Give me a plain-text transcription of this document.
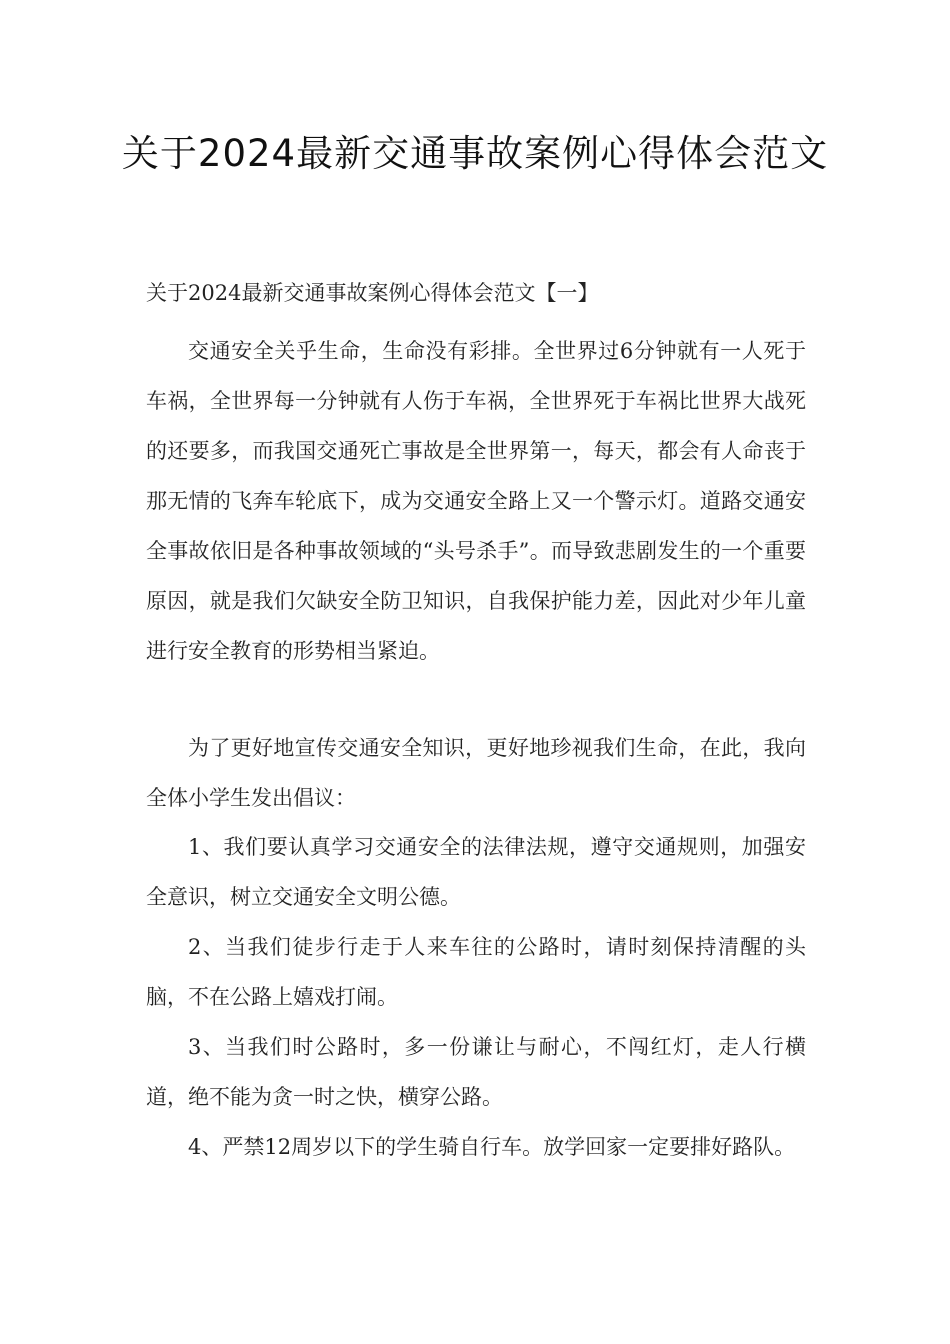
关于2024最新交通事故案例心得体会范文
关于2024最新交通事故案例心得体会范文【一】
交通安全关乎生命，生命没有彩排。全世界过6分钟就有一人死于车祸，全世界每一分钟就有人伤于车祸，全世界死于车祸比世界大战死的还要多，而我国交通死亡事故是全世界第一，每天，都会有人命丧于那无情的飞奔车轮底下，成为交通安全路上又一个警示灯。道路交通安全事故依旧是各种事故领域的“头号杀手”。而导致悲剧发生的一个重要原因，就是我们欠缺安全防卫知识，自我保护能力差，因此对少年儿童进行安全教育的形势相当紧迫。
为了更好地宣传交通安全知识，更好地珍视我们生命，在此，我向全体小学生发出倡议：
1、我们要认真学习交通安全的法律法规，遵守交通规则，加强安全意识，树立交通安全文明公德。
2、当我们徒步行走于人来车往的公路时，请时刻保持清醒的头脑，不在公路上嬉戏打闹。
3、当我们时公路时，多一份谦让与耐心，不闯红灯，走人行横道，绝不能为贪一时之快，横穿公路。
4、严禁12周岁以下的学生骑自行车。放学回家一定要排好路队。
